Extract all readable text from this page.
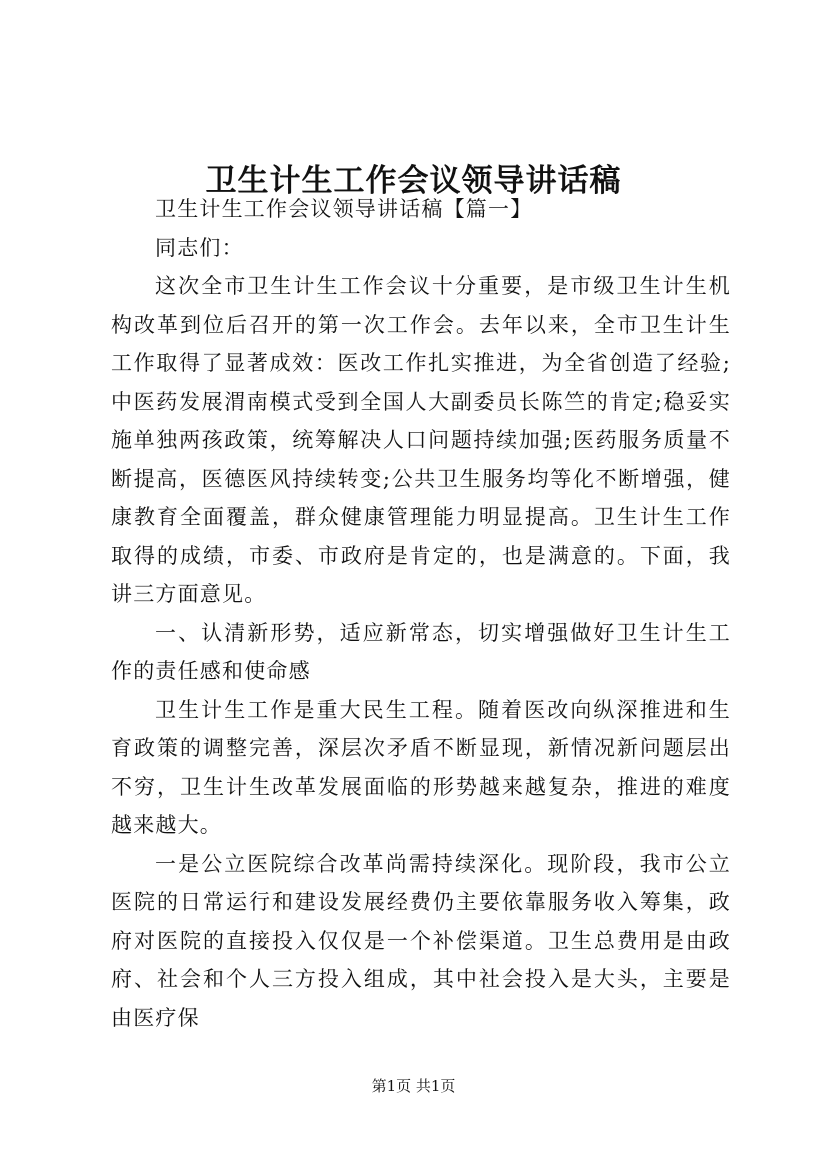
卫生计生工作会议领导讲话稿

卫生计生工作会议领导讲话稿【篇一】

同志们：

这次全市卫生计生工作会议十分重要，是市级卫生计生机构改革到位后召开的第一次工作会。去年以来，全市卫生计生工作取得了显著成效：医改工作扎实推进，为全省创造了经验;中医药发展渭南模式受到全国人大副委员长陈竺的肯定;稳妥实施单独两孩政策，统筹解决人口问题持续加强;医药服务质量不断提高，医德医风持续转变;公共卫生服务均等化不断增强，健康教育全面覆盖，群众健康管理能力明显提高。卫生计生工作取得的成绩，市委、市政府是肯定的，也是满意的。下面，我讲三方面意见。

一、认清新形势，适应新常态，切实增强做好卫生计生工作的责任感和使命感

卫生计生工作是重大民生工程。随着医改向纵深推进和生育政策的调整完善，深层次矛盾不断显现，新情况新问题层出不穷，卫生计生改革发展面临的形势越来越复杂，推进的难度越来越大。

一是公立医院综合改革尚需持续深化。现阶段，我市公立医院的日常运行和建设发展经费仍主要依靠服务收入筹集，政府对医院的直接投入仅仅是一个补偿渠道。卫生总费用是由政府、社会和个人三方投入组成，其中社会投入是大头，主要是由医疗保

第1页 共1页
